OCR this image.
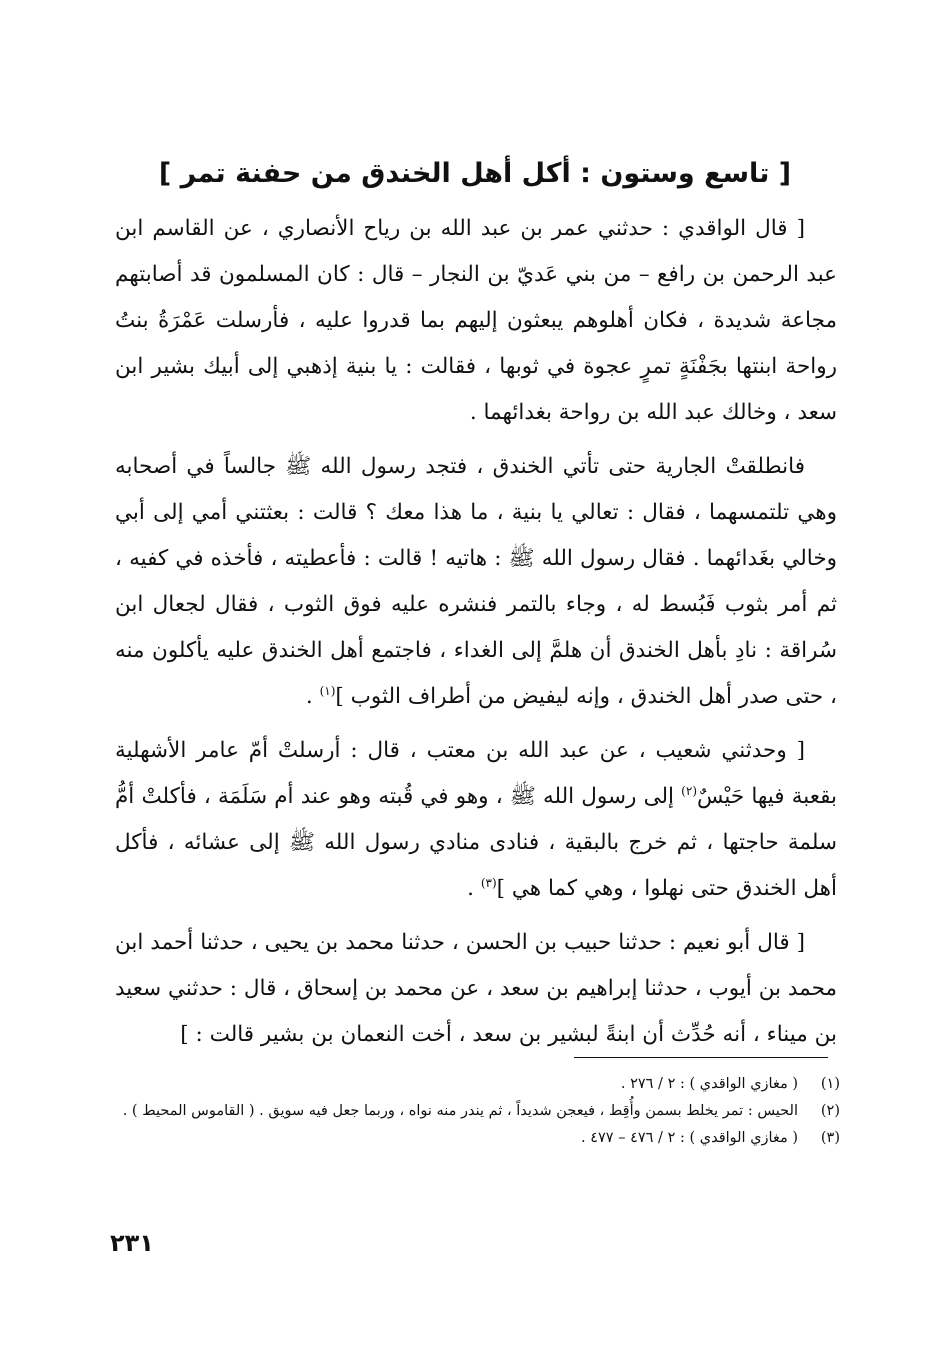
[ تاسع وستون : أكل أهل الخندق من حفنة تمر ]

[ قال الواقدي : حدثني عمر بن عبد الله بن رياح الأنصاري ، عن القاسم ابن عبد الرحمن بن رافع – من بني عَديّ بن النجار – قال : كان المسلمون قد أصابتهم مجاعة شديدة ، فكان أهلوهم يبعثون إليهم بما قدروا عليه ، فأرسلت عَمْرَةُ بنتُ رواحة ابنتها بجَفْنَةٍ تمرٍ عجوة في ثوبها ، فقالت : يا بنية إذهبي إلى أبيك بشير ابن سعد ، وخالك عبد الله بن رواحة بغدائهما .

فانطلقتْ الجارية حتى تأتي الخندق ، فتجد رسول الله ﷺ جالساً في أصحابه وهي تلتمسهما ، فقال : تعالي يا بنية ، ما هذا معك ؟ قالت : بعثتني أمي إلى أبي وخالي بغَدائهما . فقال رسول الله ﷺ : هاتيه ! قالت : فأعطيته ، فأخذه في كفيه ، ثم أمر بثوب فَبُسط له ، وجاء بالتمر فنشره عليه فوق الثوب ، فقال لجعال ابن سُراقة : نادِ بأهل الخندق أن هلمَّ إلى الغداء ، فاجتمع أهل الخندق عليه يأكلون منه ، حتى صدر أهل الخندق ، وإنه ليفيض من أطراف الثوب ]$^{(١)}$ .

[ وحدثني شعيب ، عن عبد الله بن معتب ، قال : أرسلتْ أمّ عامر الأشهلية بقعبة فيها حَيْسٌ$^{(٢)}$ إلى رسول الله ﷺ ، وهو في قُبته وهو عند أم سَلَمَة ، فأكلتْ أمُّ سلمة حاجتها ، ثم خرج بالبقية ، فنادى منادي رسول الله ﷺ إلى عشائه ، فأكل أهل الخندق حتى نهلوا ، وهي كما هي ]$^{(٣)}$ .

[ قال أبو نعيم : حدثنا حبيب بن الحسن ، حدثنا محمد بن يحيى ، حدثنا أحمد ابن محمد بن أيوب ، حدثنا إبراهيم بن سعد ، عن محمد بن إسحاق ، قال : حدثني سعيد بن ميناء ، أنه حُدِّث أن ابنةً لبشير بن سعد ، أخت النعمان بن بشير قالت : ]

(١)
( مغازي الواقدي ) : ٢ / ٢٧٦ .
(٢)
الحيس : تمر يخلط بسمن وأُقِط ، فيعجن شديداً ، ثم يندر منه نواه ، وربما جعل فيه سويق . ( القاموس المحيط ) .
(٣)
( مغازي الواقدي ) : ٢ / ٤٧٦ – ٤٧٧ .
٢٣١
